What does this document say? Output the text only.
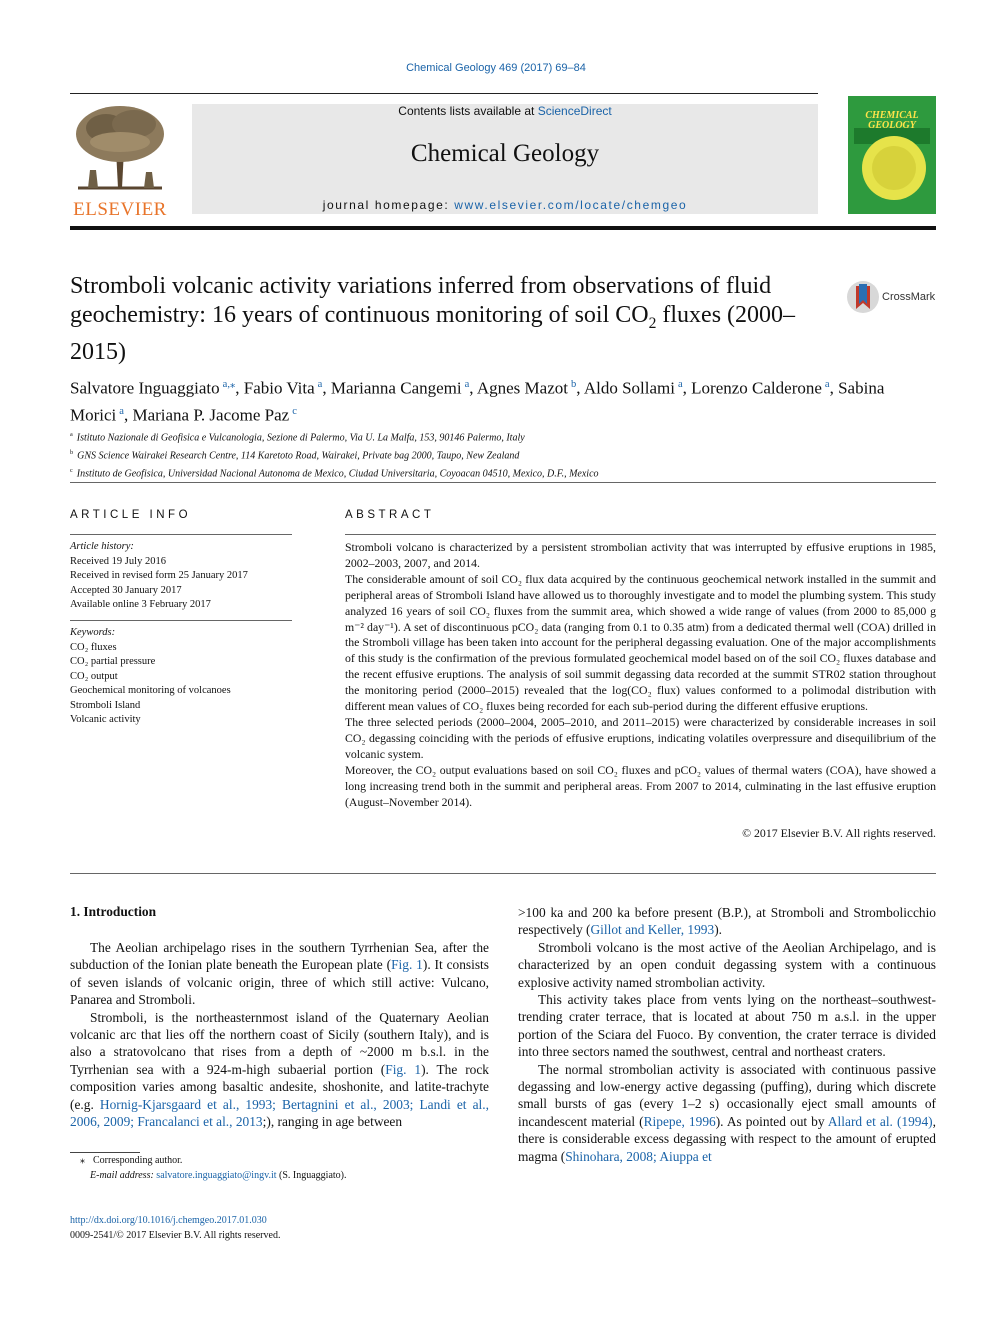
Chemical Geology 469 (2017) 69–84
ELSEVIER
Contents lists available at ScienceDirect
Chemical Geology
journal homepage: www.elsevier.com/locate/chemgeo
CHEMICAL
GEOLOGY
Stromboli volcanic activity variations inferred from observations of fluid geochemistry: 16 years of continuous monitoring of soil $CO_2$ fluxes (2000–2015)
CrossMark
Salvatore Inguaggiato $^{a,⁎}$, Fabio Vita $^a$, Marianna Cangemi $^a$, Agnes Mazot $^b$, Aldo Sollami $^a$, Lorenzo Calderone $^a$, Sabina Morici $^a$, Mariana P. Jacome Paz $^c$
$^a$ Istituto Nazionale di Geofisica e Vulcanologia, Sezione di Palermo, Via U. La Malfa, 153, 90146 Palermo, Italy
$^b$ GNS Science Wairakei Research Centre, 114 Karetoto Road, Wairakei, Private bag 2000, Taupo, New Zealand
$^c$ Instituto de Geofisica, Universidad Nacional Autonoma de Mexico, Ciudad Universitaria, Coyoacan 04510, Mexico, D.F., Mexico
ARTICLE INFO	ABSTRACT
Article history:
Received 19 July 2016
Received in revised form 25 January 2017
Accepted 30 January 2017
Available online 3 February 2017
Keywords:
CO₂ fluxes
CO₂ partial pressure
CO₂ output
Geochemical monitoring of volcanoes
Stromboli Island
Volcanic activity

Stromboli volcano is characterized by a persistent strombolian activity that was interrupted by effusive eruptions in 1985, 2002–2003, 2007, and 2014.

The considerable amount of soil CO₂ flux data acquired by the continuous geochemical network installed in the summit and peripheral areas of Stromboli Island have allowed us to thoroughly investigate and to model the plumbing system. This study analyzed 16 years of soil CO₂ fluxes from the summit area, which showed a wide range of values (from 2000 to 85,000 g m⁻² day⁻¹). A set of discontinuous pCO₂ data (ranging from 0.1 to 0.35 atm) from a dedicated thermal well (COA) drilled in the Stromboli village has been taken into account for the peripheral degassing evaluation. One of the major accomplishments of this study is the confirmation of the previous formulated geochemical model based on of the soil CO₂ fluxes database and the recent effusive eruptions. The analysis of soil summit degassing data recorded at the summit STR02 station throughout the monitoring period (2000–2015) revealed that the log(CO₂ flux) values conformed to a polimodal distribution with different mean values of CO₂ fluxes being recorded for each sub-period during the different effusive eruptions.

The three selected periods (2000–2004, 2005–2010, and 2011–2015) were characterized by considerable increases in soil CO₂ degassing coinciding with the periods of effusive eruptions, indicating volatiles overpressure and disequilibrium of the volcanic system.

Moreover, the CO₂ output evaluations based on soil CO₂ fluxes and pCO₂ values of thermal waters (COA), have showed a long increasing trend both in the summit and peripheral areas. From 2007 to 2014, culminating in the last effusive eruption (August–November 2014).

© 2017 Elsevier B.V. All rights reserved.
1. Introduction

The Aeolian archipelago rises in the southern Tyrrhenian Sea, after the subduction of the Ionian plate beneath the European plate (Fig. 1). It consists of seven islands of volcanic origin, three of which still active: Vulcano, Panarea and Stromboli.

Stromboli, is the northeasternmost island of the Quaternary Aeolian volcanic arc that lies off the northern coast of Sicily (southern Italy), and is also a stratovolcano that rises from a depth of ~2000 m b.s.l. in the Tyrrhenian sea with a 924-m-high subaerial portion (Fig. 1). The rock composition varies among basaltic andesite, shoshonite, and latite-trachyte (e.g. Hornig-Kjarsgaard et al., 1993; Bertagnini et al., 2003; Landi et al., 2006, 2009; Francalanci et al., 2013;), ranging in age between

>100 ka and 200 ka before present (B.P.), at Stromboli and Strombolicchio respectively (Gillot and Keller, 1993).

Stromboli volcano is the most active of the Aeolian Archipelago, and is characterized by an open conduit degassing system with a continuous explosive activity named strombolian activity.

This activity takes place from vents lying on the northeast–southwest-trending crater terrace, that is located at about 750 m a.s.l. in the upper portion of the Sciara del Fuoco. By convention, the crater terrace is divided into three sectors named the southwest, central and northeast craters.

The normal strombolian activity is associated with continuous passive degassing and low-energy active degassing (puffing), during which discrete small bursts of gas (every 1–2 s) occasionally eject small amounts of incandescent material (Ripepe, 1996). As pointed out by Allard et al. (1994), there is considerable excess degassing with respect to the amount of erupted magma (Shinohara, 2008; Aiuppa et

⁎ Corresponding author.
E-mail address: salvatore.inguaggiato@ingv.it (S. Inguaggiato).
http://dx.doi.org/10.1016/j.chemgeo.2017.01.030
0009-2541/© 2017 Elsevier B.V. All rights reserved.
